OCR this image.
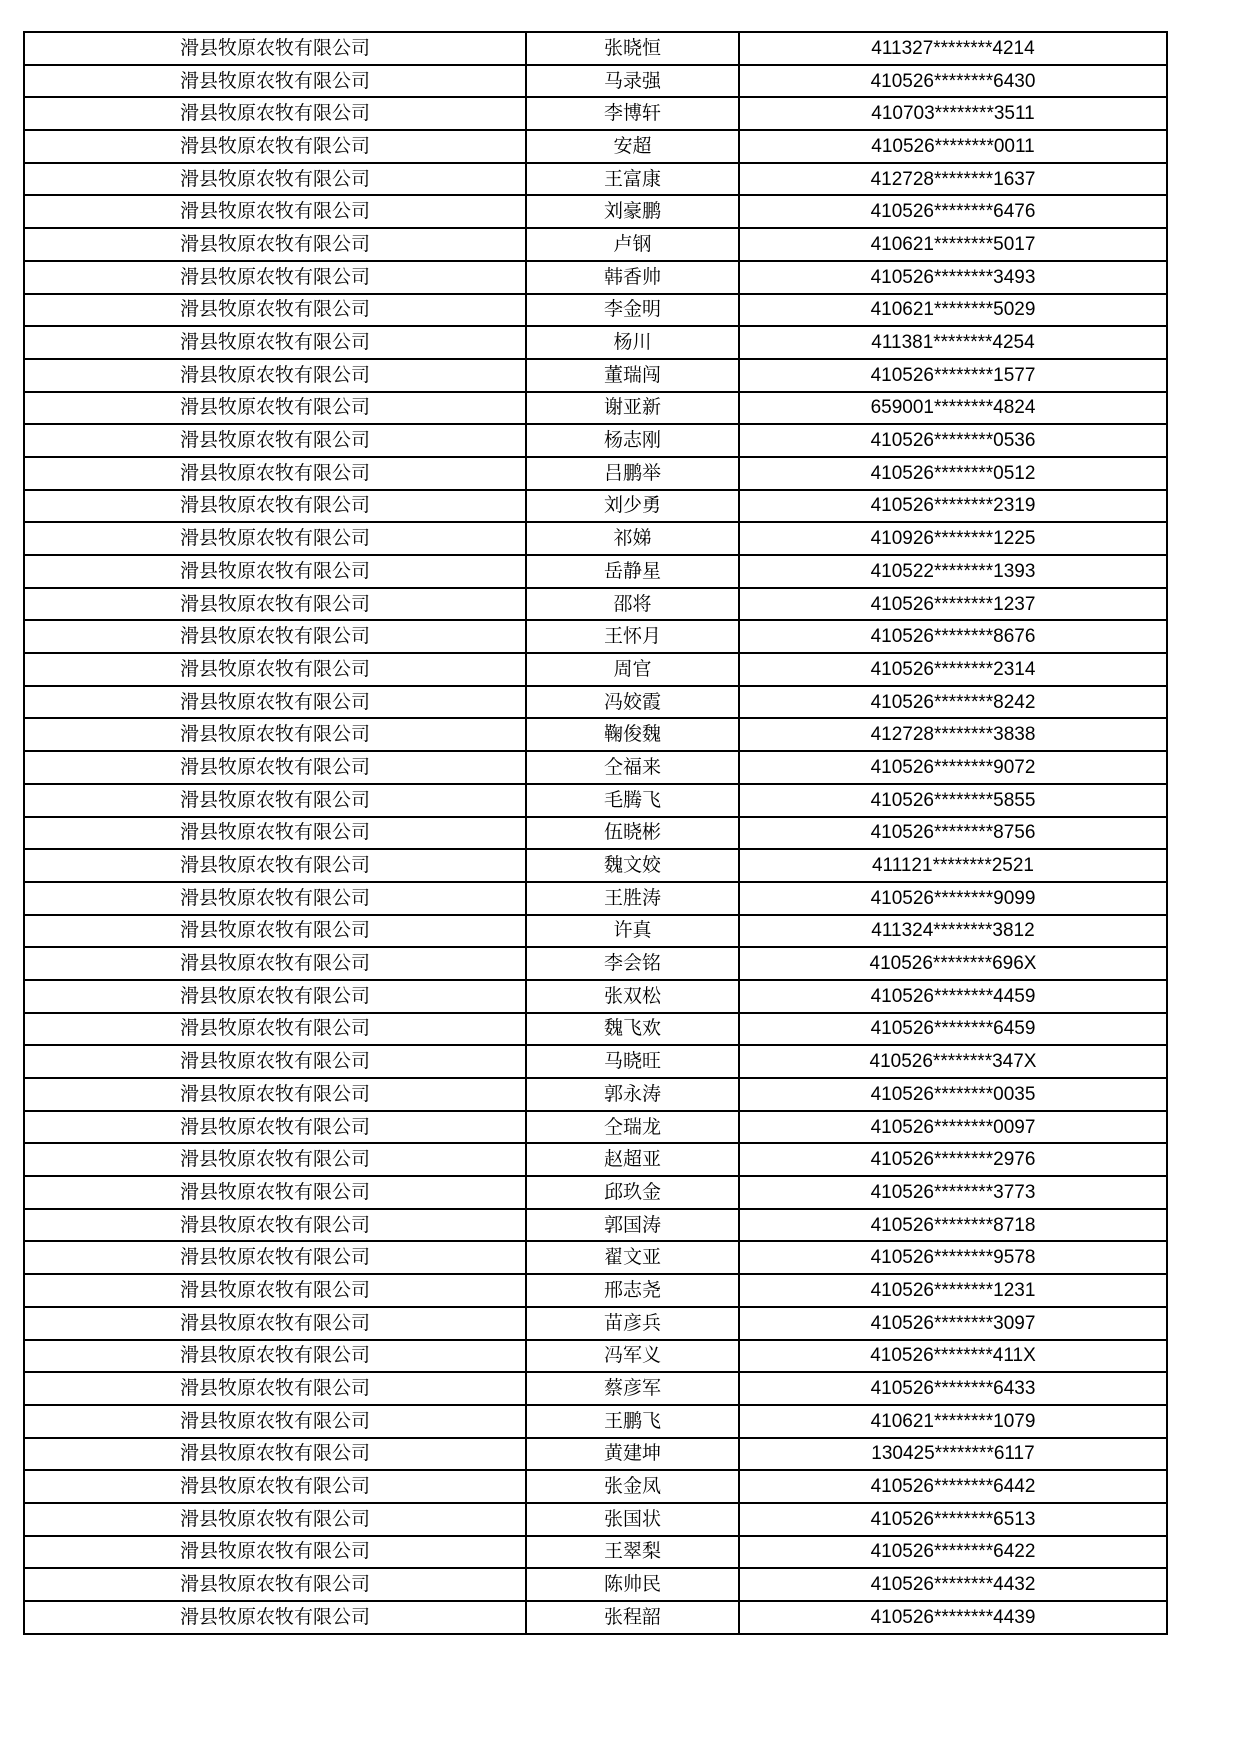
滑县牧原农牧有限公司	张晓恒	411327********4214
滑县牧原农牧有限公司	马录强	410526********6430
滑县牧原农牧有限公司	李博轩	410703********3511
滑县牧原农牧有限公司	安超	410526********0011
滑县牧原农牧有限公司	王富康	412728********1637
滑县牧原农牧有限公司	刘豪鹏	410526********6476
滑县牧原农牧有限公司	卢钢	410621********5017
滑县牧原农牧有限公司	韩香帅	410526********3493
滑县牧原农牧有限公司	李金明	410621********5029
滑县牧原农牧有限公司	杨川	411381********4254
滑县牧原农牧有限公司	董瑞闯	410526********1577
滑县牧原农牧有限公司	谢亚新	659001********4824
滑县牧原农牧有限公司	杨志刚	410526********0536
滑县牧原农牧有限公司	吕鹏举	410526********0512
滑县牧原农牧有限公司	刘少勇	410526********2319
滑县牧原农牧有限公司	祁娣	410926********1225
滑县牧原农牧有限公司	岳静星	410522********1393
滑县牧原农牧有限公司	邵将	410526********1237
滑县牧原农牧有限公司	王怀月	410526********8676
滑县牧原农牧有限公司	周官	410526********2314
滑县牧原农牧有限公司	冯姣霞	410526********8242
滑县牧原农牧有限公司	鞠俊魏	412728********3838
滑县牧原农牧有限公司	仝福来	410526********9072
滑县牧原农牧有限公司	毛腾飞	410526********5855
滑县牧原农牧有限公司	伍晓彬	410526********8756
滑县牧原农牧有限公司	魏文姣	411121********2521
滑县牧原农牧有限公司	王胜涛	410526********9099
滑县牧原农牧有限公司	许真	411324********3812
滑县牧原农牧有限公司	李会铭	410526********696X
滑县牧原农牧有限公司	张双松	410526********4459
滑县牧原农牧有限公司	魏飞欢	410526********6459
滑县牧原农牧有限公司	马晓旺	410526********347X
滑县牧原农牧有限公司	郭永涛	410526********0035
滑县牧原农牧有限公司	仝瑞龙	410526********0097
滑县牧原农牧有限公司	赵超亚	410526********2976
滑县牧原农牧有限公司	邱玖金	410526********3773
滑县牧原农牧有限公司	郭国涛	410526********8718
滑县牧原农牧有限公司	翟文亚	410526********9578
滑县牧原农牧有限公司	邢志尧	410526********1231
滑县牧原农牧有限公司	苗彦兵	410526********3097
滑县牧原农牧有限公司	冯军义	410526********411X
滑县牧原农牧有限公司	蔡彦军	410526********6433
滑县牧原农牧有限公司	王鹏飞	410621********1079
滑县牧原农牧有限公司	黄建坤	130425********6117
滑县牧原农牧有限公司	张金凤	410526********6442
滑县牧原农牧有限公司	张国状	410526********6513
滑县牧原农牧有限公司	王翠梨	410526********6422
滑县牧原农牧有限公司	陈帅民	410526********4432
滑县牧原农牧有限公司	张程韶	410526********4439
